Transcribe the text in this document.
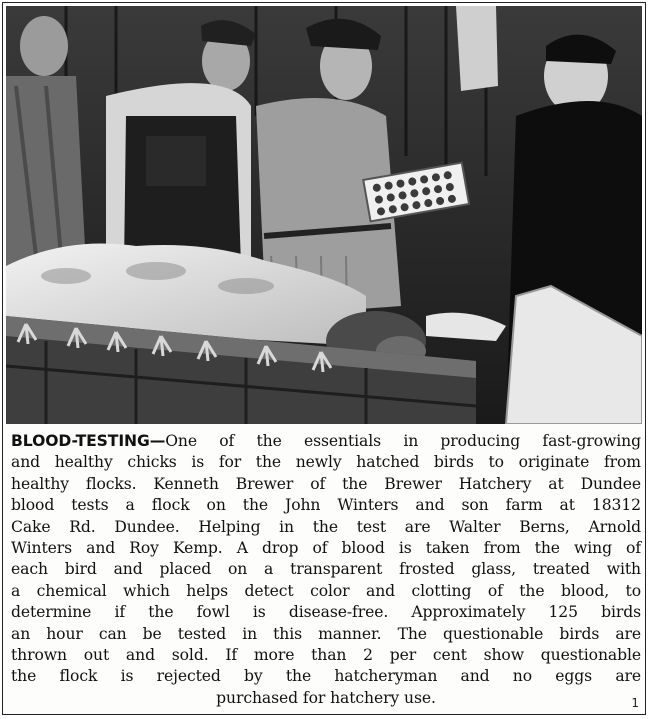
BLOOD-TESTING—One of the essentials in producing fast-growing
and healthy chicks is for the newly hatched birds to originate from
healthy flocks. Kenneth Brewer of the Brewer Hatchery at Dundee
blood tests a flock on the John Winters and son farm at 18312
Cake Rd. Dundee. Helping in the test are Walter Berns, Arnold
Winters and Roy Kemp. A drop of blood is taken from the wing of
each bird and placed on a transparent frosted glass, treated with
a chemical which helps detect color and clotting of the blood, to
determine if the fowl is disease-free. Approximately 125 birds
an hour can be tested in this manner. The questionable birds are
thrown out and sold. If more than 2 per cent show questionable
the flock is rejected by the hatcheryman and no eggs are
purchased for hatchery use.	1
